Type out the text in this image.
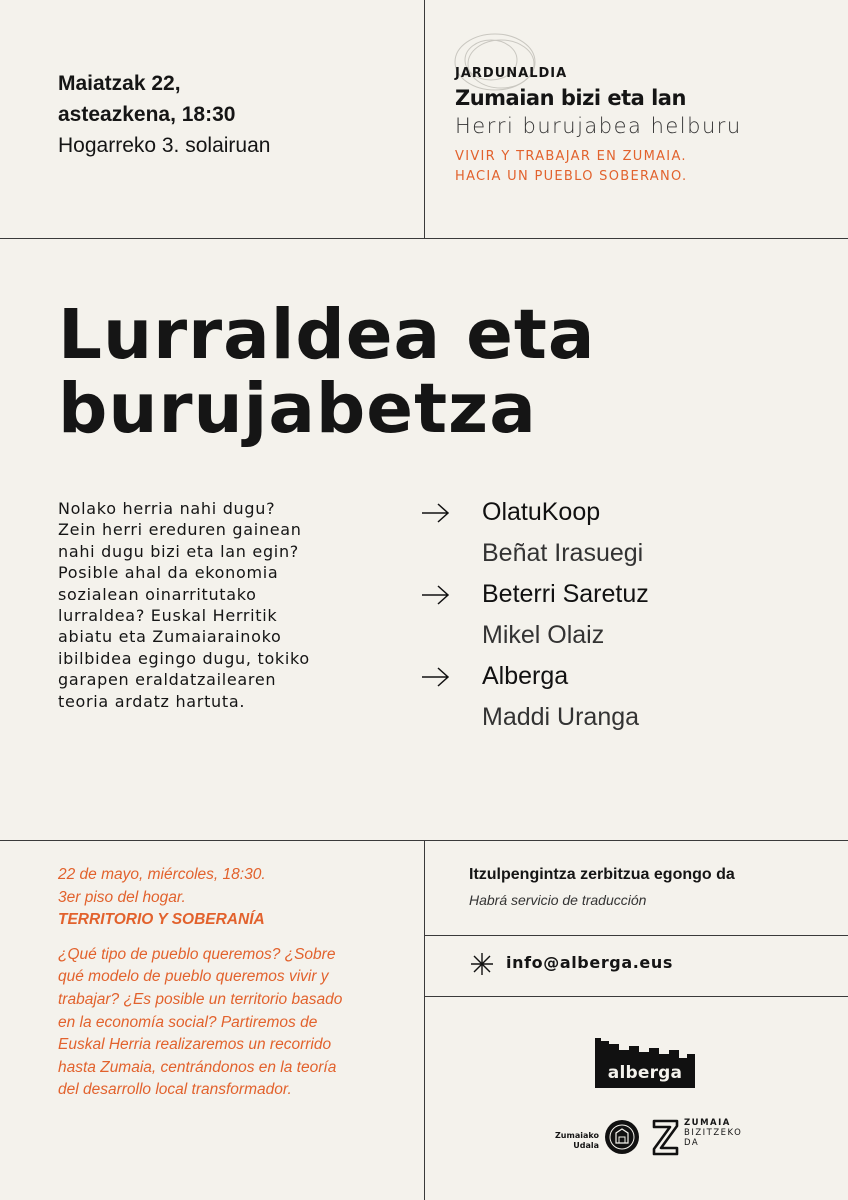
Maiatzak 22,
asteazkena, 18:30
Hogarreko 3. solairuan
JARDUNALDIA
Zumaian bizi eta lan
Herri burujabea helburu
VIVIR Y TRABAJAR EN ZUMAIA.
HACIA UN PUEBLO SOBERANO.
Lurraldea eta
burujabetza
Nolako herria nahi dugu?
Zein herri ereduren gainean
nahi dugu bizi eta lan egin?
Posible ahal da ekonomia
sozialean oinarritutako
lurraldea? Euskal Herritik
abiatu eta Zumaiarainoko
ibilbidea egingo dugu, tokiko
garapen eraldatzailearen
teoria ardatz hartuta.
OlatuKoop
Beñat Irasuegi
Beterri Saretuz
Mikel Olaiz
Alberga
Maddi Uranga
22 de mayo, miércoles, 18:30.
3er piso del hogar.
TERRITORIO Y SOBERANÍA
¿Qué tipo de pueblo queremos? ¿Sobre
qué modelo de pueblo queremos vivir y
trabajar? ¿Es posible un territorio basado
en la economía social? Partiremos de
Euskal Herria realizaremos un recorrido
hasta Zumaia, centrándonos en la teoría
del desarrollo local transformador.
Itzulpengintza zerbitzua egongo da
Habrá servicio de traducción
info@alberga.eus
alberga
Zumaiako
Udala
ZUMAIA
BIZITZEKO
DA
